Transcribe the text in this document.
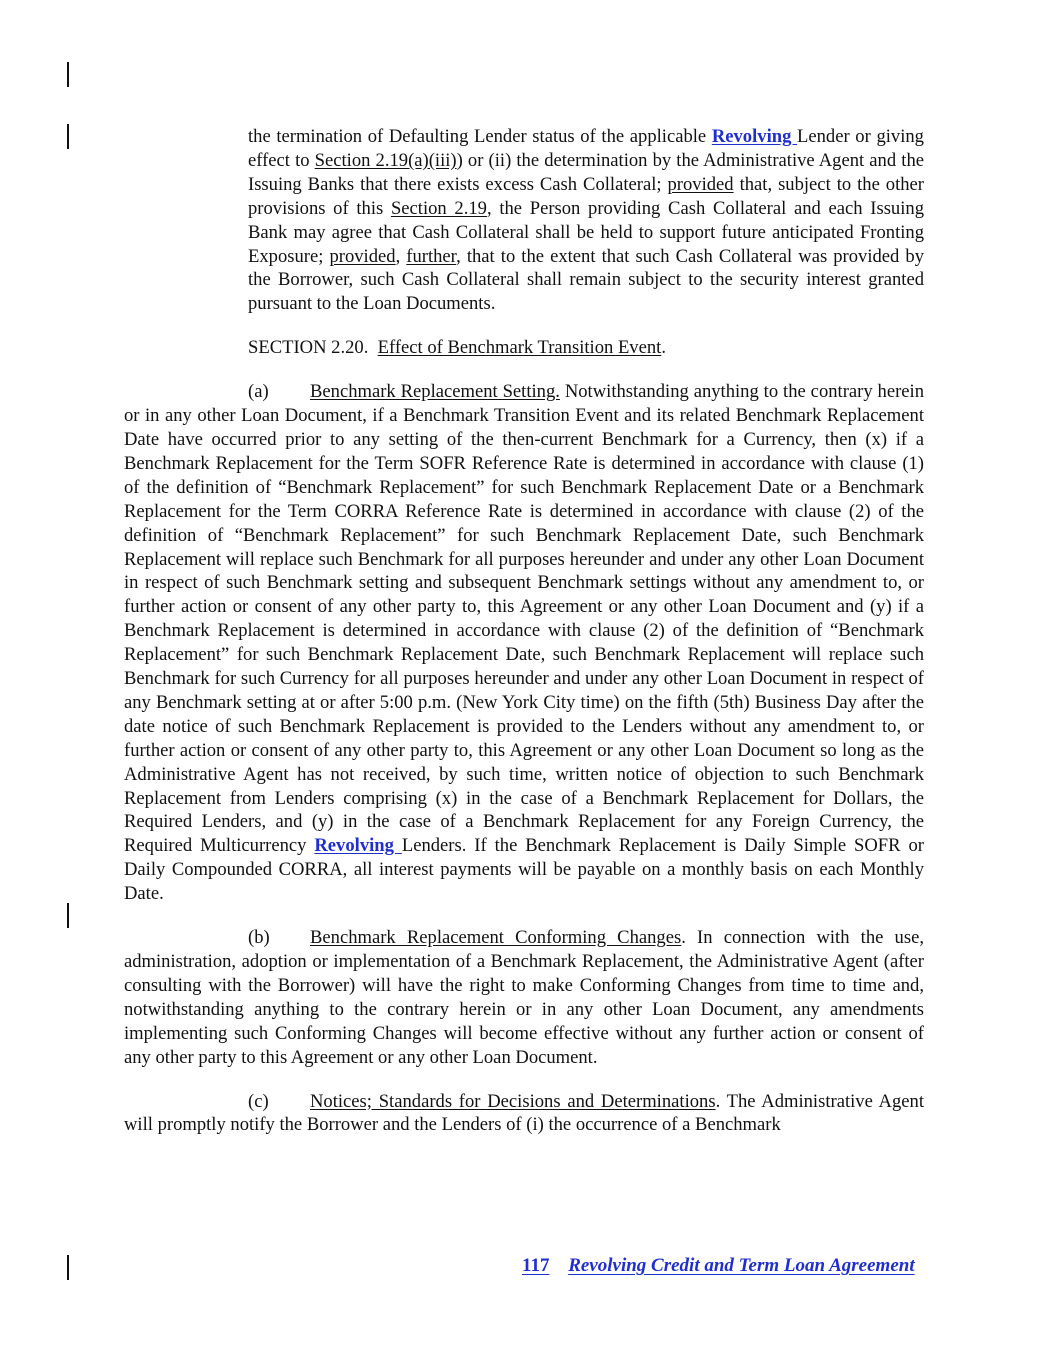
the termination of Defaulting Lender status of the applicable Revolving Lender or giving effect to Section 2.19(a)(iii)) or (ii) the determination by the Administrative Agent and the Issuing Banks that there exists excess Cash Collateral; provided that, subject to the other provisions of this Section 2.19, the Person providing Cash Collateral and each Issuing Bank may agree that Cash Collateral shall be held to support future anticipated Fronting Exposure; provided, further, that to the extent that such Cash Collateral was provided by the Borrower, such Cash Collateral shall remain subject to the security interest granted pursuant to the Loan Documents.

SECTION 2.20. Effect of Benchmark Transition Event.

(a) Benchmark Replacement Setting. Notwithstanding anything to the contrary herein or in any other Loan Document, if a Benchmark Transition Event and its related Benchmark Replacement Date have occurred prior to any setting of the then-current Benchmark for a Currency, then (x) if a Benchmark Replacement for the Term SOFR Reference Rate is determined in accordance with clause (1) of the definition of “Benchmark Replacement” for such Benchmark Replacement Date or a Benchmark Replacement for the Term CORRA Reference Rate is determined in accordance with clause (2) of the definition of “Benchmark Replacement” for such Benchmark Replacement Date, such Benchmark Replacement will replace such Benchmark for all purposes hereunder and under any other Loan Document in respect of such Benchmark setting and subsequent Benchmark settings without any amendment to, or further action or consent of any other party to, this Agreement or any other Loan Document and (y) if a Benchmark Replacement is determined in accordance with clause (2) of the definition of “Benchmark Replacement” for such Benchmark Replacement Date, such Benchmark Replacement will replace such Benchmark for such Currency for all purposes hereunder and under any other Loan Document in respect of any Benchmark setting at or after 5:00 p.m. (New York City time) on the fifth (5th) Business Day after the date notice of such Benchmark Replacement is provided to the Lenders without any amendment to, or further action or consent of any other party to, this Agreement or any other Loan Document so long as the Administrative Agent has not received, by such time, written notice of objection to such Benchmark Replacement from Lenders comprising (x) in the case of a Benchmark Replacement for Dollars, the Required Lenders, and (y) in the case of a Benchmark Replacement for any Foreign Currency, the Required Multicurrency Revolving Lenders. If the Benchmark Replacement is Daily Simple SOFR or Daily Compounded CORRA, all interest payments will be payable on a monthly basis on each Monthly Date.

(b) Benchmark Replacement Conforming Changes. In connection with the use, administration, adoption or implementation of a Benchmark Replacement, the Administrative Agent (after consulting with the Borrower) will have the right to make Conforming Changes from time to time and, notwithstanding anything to the contrary herein or in any other Loan Document, any amendments implementing such Conforming Changes will become effective without any further action or consent of any other party to this Agreement or any other Loan Document.

(c) Notices; Standards for Decisions and Determinations. The Administrative Agent will promptly notify the Borrower and the Lenders of (i) the occurrence of a Benchmark

117 Revolving Credit and Term Loan Agreement
